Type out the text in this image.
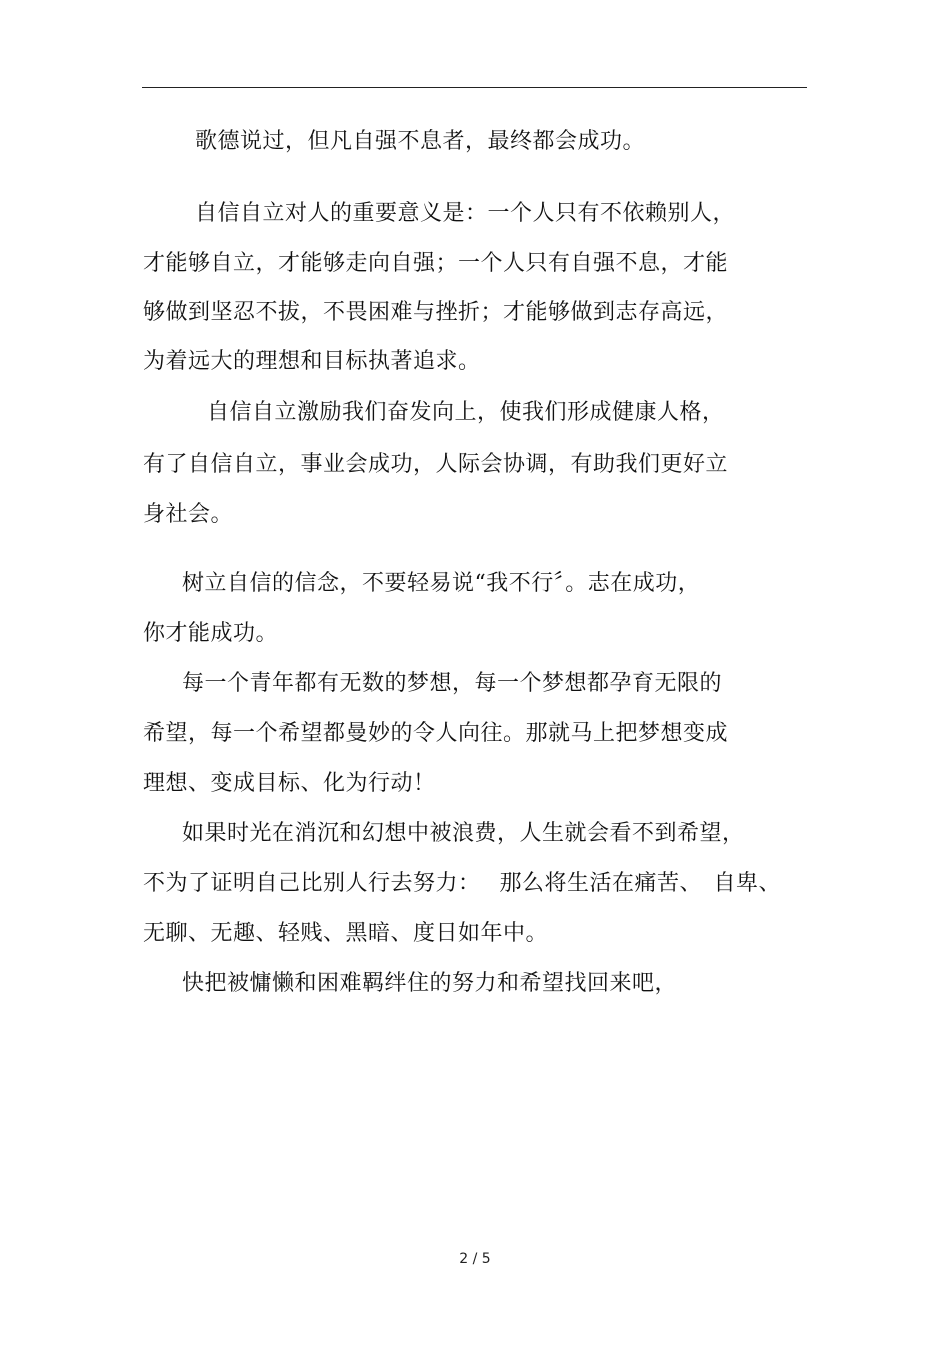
歌德说过，但凡自强不息者，最终都会成功。
自信自立对人的重要意义是：一个人只有不依赖别人，
才能够自立，才能够走向自强；一个人只有自强不息，才能
够做到坚忍不拔，不畏困难与挫折；才能够做到志存高远，
为着远大的理想和目标执著追求。
自信自立激励我们奋发向上，使我们形成健康人格，
有了自信自立，事业会成功，人际会协调，有助我们更好立
身社会。
树立自信的信念，不要轻易说“我不行〞。志在成功，
你才能成功。
每一个青年都有无数的梦想，每一个梦想都孕育无限的
希望，每一个希望都曼妙的令人向往。那就马上把梦想变成
理想、变成目标、化为行动！
如果时光在消沉和幻想中被浪费，人生就会看不到希望，
不为了证明自己比别人行去努力：　 那么将生活在痛苦、　自卑、
无聊、无趣、轻贱、黑暗、度日如年中。
快把被慵懒和困难羁绊住的努力和希望找回来吧，
2 / 5
